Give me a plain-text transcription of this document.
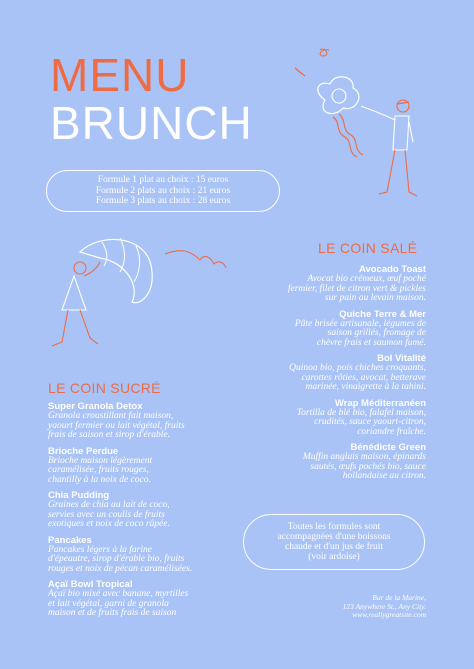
MENU
BRUNCH
Formule 1 plat au choix : 15 euros
Formule 2 plats au choix : 21 euros
Formule 3 plats au choix : 28 euros
LE COIN SALÉ
LE COIN SUCRÉ
Avocado Toast
Avocat bio crémeux, œuf poché
fermier, filet de citron vert & pickles
sur pain au levain maison.
Quiche Terre & Mer
Pâte brisée artisanale, légumes de
saison grillés, fromage de
chèvre frais et saumon fumé.
Bol Vitalité
Quinoa bio, pois chiches croquants,
carottes rôties, avocat, betterave
marinée, vinaigrette à la tahini.
Wrap Méditerranéen
Tortilla de blé bio, falafel maison,
crudités, sauce yaourt-citron,
coriandre fraîche.
Bénédicte Green
Muffin anglais maison, épinards
sautés, œufs pochés bio, sauce
hollandaise au citron.
Super Granola Detox
Granola croustillant fait maison,
yaourt fermier ou lait végétal, fruits
frais de saison et sirop d'érable.
Brioche Perdue
Brioche maison légèrement
caramélisée, fruits rouges,
chantilly à la noix de coco.
Chia Pudding
Graines de chia au lait de coco,
servies avec un coulis de fruits
exotiques et noix de coco râpée.
Pancakes
Pancakes légers à la farine
d'épeautre, sirop d'érable bio, fruits
rouges et noix de pécan caramélisées.
Açaï Bowl Tropical
Açaï bio mixé avec banane, myrtilles
et lait végétal, garni de granola
maison et de fruits frais de saison
Toutes les formules sont
accompagnées d'une boissons
chaude et d'un jus de fruit
(voir ardoise)
Bar de la Marine,
123 Anywhere St., Any City.
www.reallygreatsite.com
